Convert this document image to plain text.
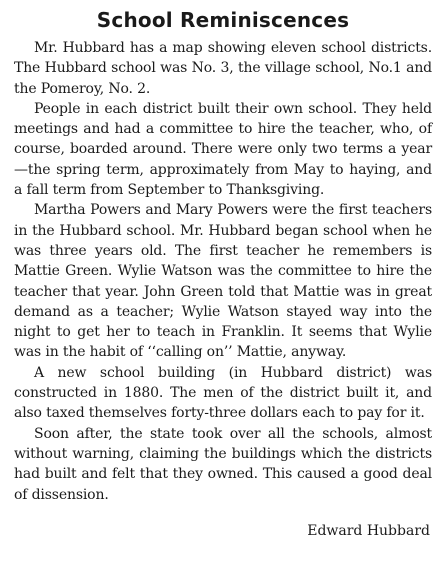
School Reminiscences

Mr. Hubbard has a map showing eleven school districts. The Hubbard school was No. 3, the village school, No.1 and the Pomeroy, No. 2.

People in each district built their own school. They held meetings and had a committee to hire the teacher, who, of course, boarded around. There were only two terms a year—the spring term, approximately from May to haying, and a fall term from September to Thanksgiving.

Martha Powers and Mary Powers were the first teachers in the Hubbard school. Mr. Hubbard began school when he was three years old. The first teacher he remembers is Mattie Green. Wylie Watson was the committee to hire the teacher that year. John Green told that Mattie was in great demand as a teacher; Wylie Watson stayed way into the night to get her to teach in Franklin. It seems that Wylie was in the habit of ‘‘calling on’’ Mattie, anyway.

A new school building (in Hubbard district) was constructed in 1880. The men of the district built it, and also taxed themselves forty-three dollars each to pay for it.

Soon after, the state took over all the schools, almost without warning, claiming the buildings which the districts had built and felt that they owned. This caused a good deal of dissension.

Edward Hubbard
